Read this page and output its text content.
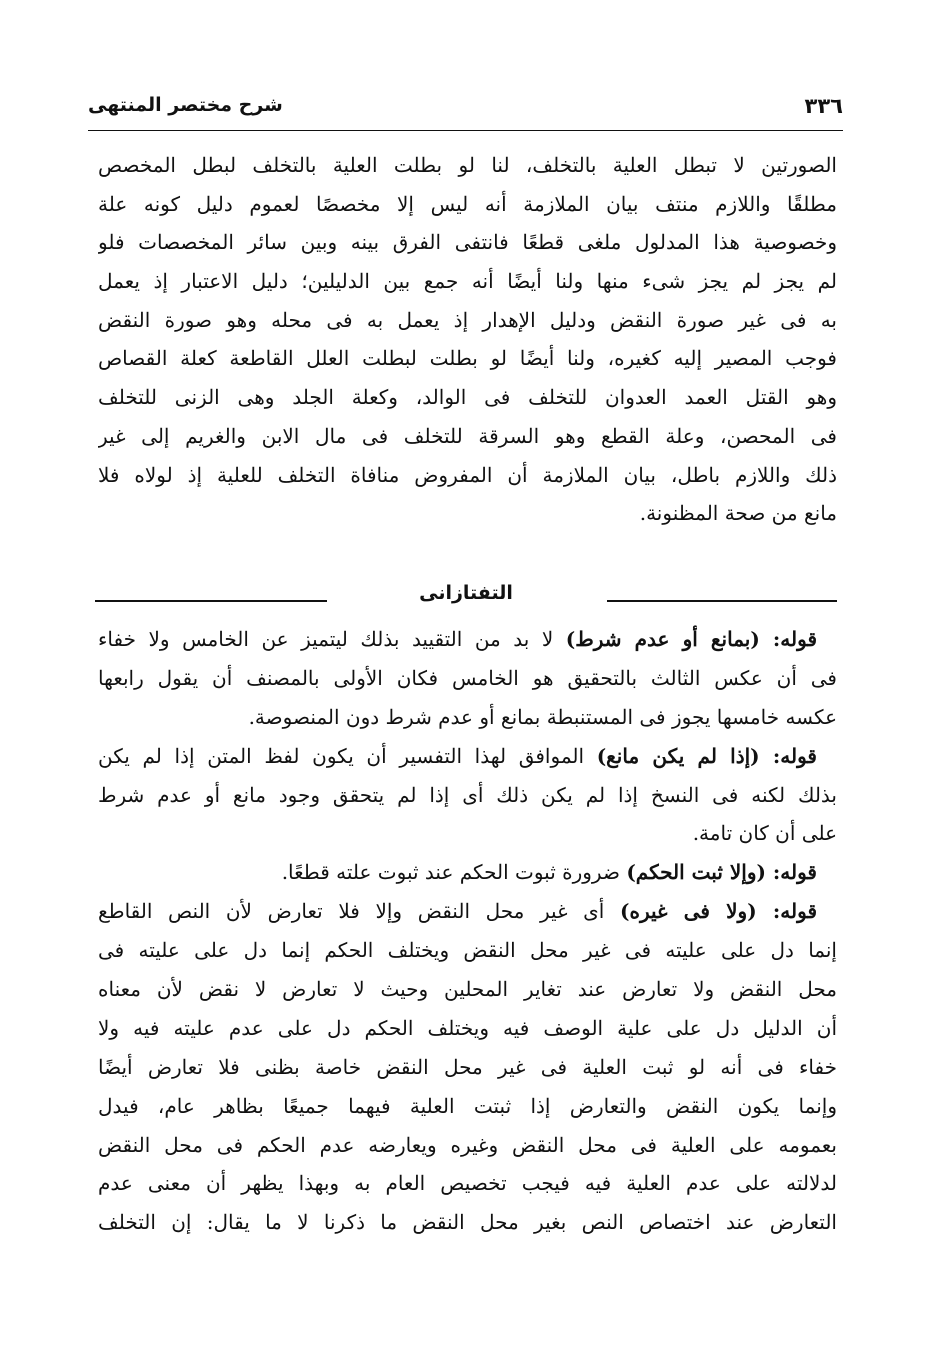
٣٣٦
شرح مختصر المنتهى
الصورتين لا تبطل العلية بالتخلف، لنا لو بطلت العلية بالتخلف لبطل المخصص
مطلقًا واللازم منتف بيان الملازمة أنه ليس إلا مخصصًا لعموم دليل كونه علة
وخصوصية هذا المدلول ملغى قطعًا فانتفى الفرق بينه وبين سائر المخصصات فلو
لم يجز لم يجز شىء منها ولنا أيضًا أنه جمع بين الدليلين؛ دليل الاعتبار إذ يعمل
به فى غير صورة النقض ودليل الإهدار إذ يعمل به فى محله وهو صورة النقض
فوجب المصير إليه كغيره، ولنا أيضًا لو بطلت لبطلت العلل القاطعة كعلة القصاص
وهو القتل العمد العدوان للتخلف فى الوالد، وكعلة الجلد وهى الزنى للتخلف
فى المحصن، وعلة القطع وهو السرقة للتخلف فى مال الابن والغريم إلى غير
ذلك واللازم باطل، بيان الملازمة أن المفروض منافاة التخلف للعلية إذ لولاه فلا
مانع من صحة المظنونة.
التفتازانى
قوله: (بمانع أو عدم شرط) لا بد من التقييد بذلك ليتميز عن الخامس ولا خفاء
فى أن عكس الثالث بالتحقيق هو الخامس فكان الأولى بالمصنف أن يقول رابعها
عكسه خامسها يجوز فى المستنبطة بمانع أو عدم شرط دون المنصوصة.
قوله: (إذا لم يكن مانع) الموافق لهذا التفسير أن يكون لفظ المتن إذا لم يكن
بذلك لكنه فى النسخ إذا لم يكن ذلك أى إذا لم يتحقق وجود مانع أو عدم شرط
على أن كان تامة.
قوله: (وإلا ثبت الحكم) ضرورة ثبوت الحكم عند ثبوت علته قطعًا.
قوله: (ولا فى غيره) أى غير محل النقض وإلا فلا تعارض لأن النص القاطع
إنما دل على عليته فى غير محل النقض ويختلف الحكم إنما دل على عليته فى
محل النقض ولا تعارض عند تغاير المحلين وحيث لا تعارض لا نقض لأن معناه
أن الدليل دل على علية الوصف فيه ويختلف الحكم دل على عدم عليته فيه ولا
خفاء فى أنه لو ثبت العلية فى غير محل النقض خاصة بظنى فلا تعارض أيضًا
وإنما يكون النقض والتعارض إذا ثبتت العلية فيهما جميعًا بظاهر عام، فيدل
بعمومه على العلية فى محل النقض وغيره ويعارضه عدم الحكم فى محل النقض
لدلالته على عدم العلية فيه فيجب تخصيص العام به وبهذا يظهر أن معنى عدم
التعارض عند اختصاص النص بغير محل النقض ما ذكرنا لا ما يقال: إن التخلف
